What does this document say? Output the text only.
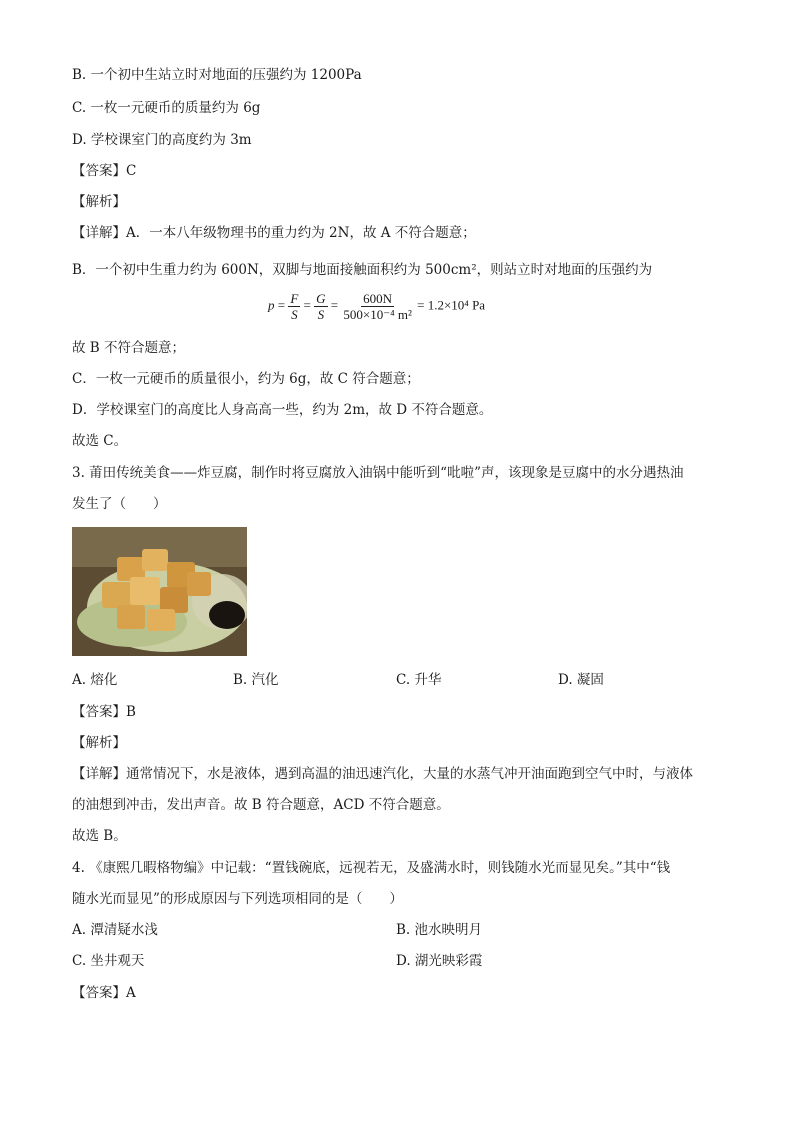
B. 一个初中生站立时对地面的压强约为 1200Pa
C. 一枚一元硬币的质量约为 6g
D. 学校课室门的高度约为 3m
【答案】C
【解析】
【详解】A．一本八年级物理书的重力约为 2N，故 A 不符合题意；
B．一个初中生重力约为 600N，双脚与地面接触面积约为 500cm²，则站立时对地面的压强约为
$p = \frac{F}{S} = \frac{G}{S} = \frac{600N}{\text{500×10⁻⁴ m²}} = 1.2\times 10^4$ Pa
故 B 不符合题意；
C．一枚一元硬币的质量很小，约为 6g，故 C 符合题意；
D．学校课室门的高度比人身高高一些，约为 2m，故 D 不符合题意。
故选 C。
3. 莆田传统美食——炸豆腐，制作时将豆腐放入油锅中能听到“吡啦”声，该现象是豆腐中的水分遇热油
发生了（　　）
A. 熔化	B. 汽化	C. 升华	D. 凝固
【答案】B
【解析】
【详解】通常情况下，水是液体，遇到高温的油迅速汽化，大量的水蒸气冲开油面跑到空气中时，与液体
的油想到冲击，发出声音。故 B 符合题意，ACD 不符合题意。
故选 B。
4. 《康熙几暇格物编》中记载：“置钱碗底，远视若无，及盛满水时，则钱随水光而显见矣。”其中“钱
随水光而显见”的形成原因与下列选项相同的是（　　）
A. 潭清疑水浅	B. 池水映明月
C. 坐井观天	D. 湖光映彩霞
【答案】A
